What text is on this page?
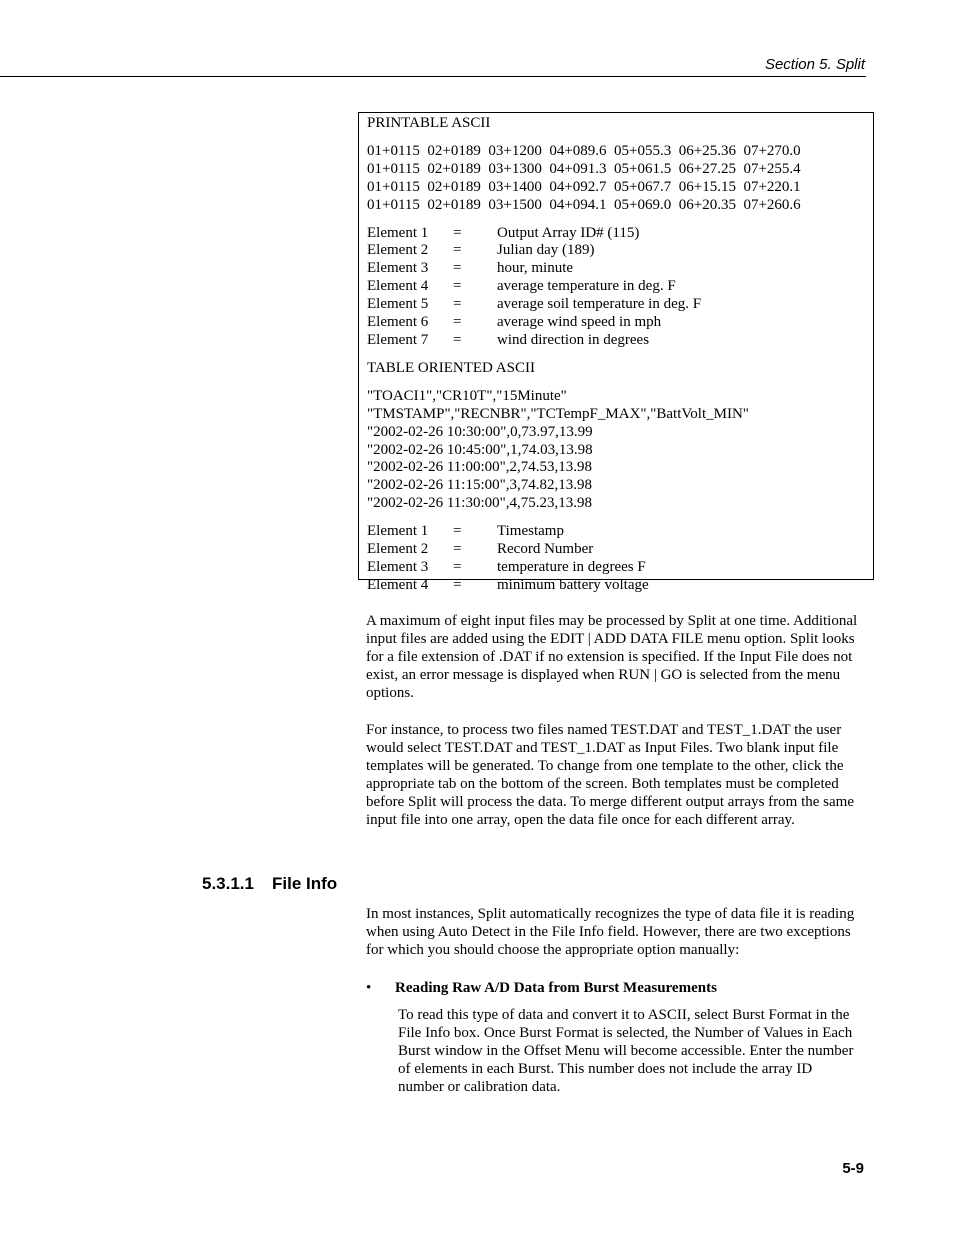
Section 5. Split

PRINTABLE ASCII

01+0115  02+0189  03+1200  04+089.6  05+055.3  06+25.36  07+270.0

01+0115  02+0189  03+1300  04+091.3  05+061.5  06+27.25  07+255.4

01+0115  02+0189  03+1400  04+092.7  05+067.7  06+15.15  07+220.1

01+0115  02+0189  03+1500  04+094.1  05+069.0  06+20.35  07+260.6

Element 1	=	Output Array ID# (115)
Element 2	=	Julian day (189)
Element 3	=	hour, minute
Element 4	=	average temperature in deg. F
Element 5	=	average soil temperature in deg. F
Element 6	=	average wind speed in mph
Element 7	=	wind direction in degrees

TABLE ORIENTED ASCII

"TOACI1","CR10T","15Minute"

"TMSTAMP","RECNBR","TCTempF_MAX","BattVolt_MIN"

"2002-02-26 10:30:00",0,73.97,13.99

"2002-02-26 10:45:00",1,74.03,13.98

"2002-02-26 11:00:00",2,74.53,13.98

"2002-02-26 11:15:00",3,74.82,13.98

"2002-02-26 11:30:00",4,75.23,13.98

Element 1	=	Timestamp
Element 2	=	Record Number
Element 3	=	temperature in degrees F
Element 4	=	minimum battery voltage

A maximum of eight input files may be processed by Split at one time. Additional input files are added using the EDIT | ADD DATA FILE menu option. Split looks for a file extension of .DAT if no extension is specified. If the Input File does not exist, an error message is displayed when RUN | GO is selected from the menu options.

For instance, to process two files named TEST.DAT and TEST_1.DAT the user would select TEST.DAT and TEST_1.DAT as Input Files. Two blank input file templates will be generated. To change from one template to the other, click the appropriate tab on the bottom of the screen. Both templates must be completed before Split will process the data. To merge different output arrays from the same input file into one array, open the data file once for each different array.

5.3.1.1 File Info

In most instances, Split automatically recognizes the type of data file it is reading when using Auto Detect in the File Info field. However, there are two exceptions for which you should choose the appropriate option manually:

• Reading Raw A/D Data from Burst Measurements

To read this type of data and convert it to ASCII, select Burst Format in the File Info box. Once Burst Format is selected, the Number of Values in Each Burst window in the Offset Menu will become accessible. Enter the number of elements in each Burst. This number does not include the array ID number or calibration data.

5-9
